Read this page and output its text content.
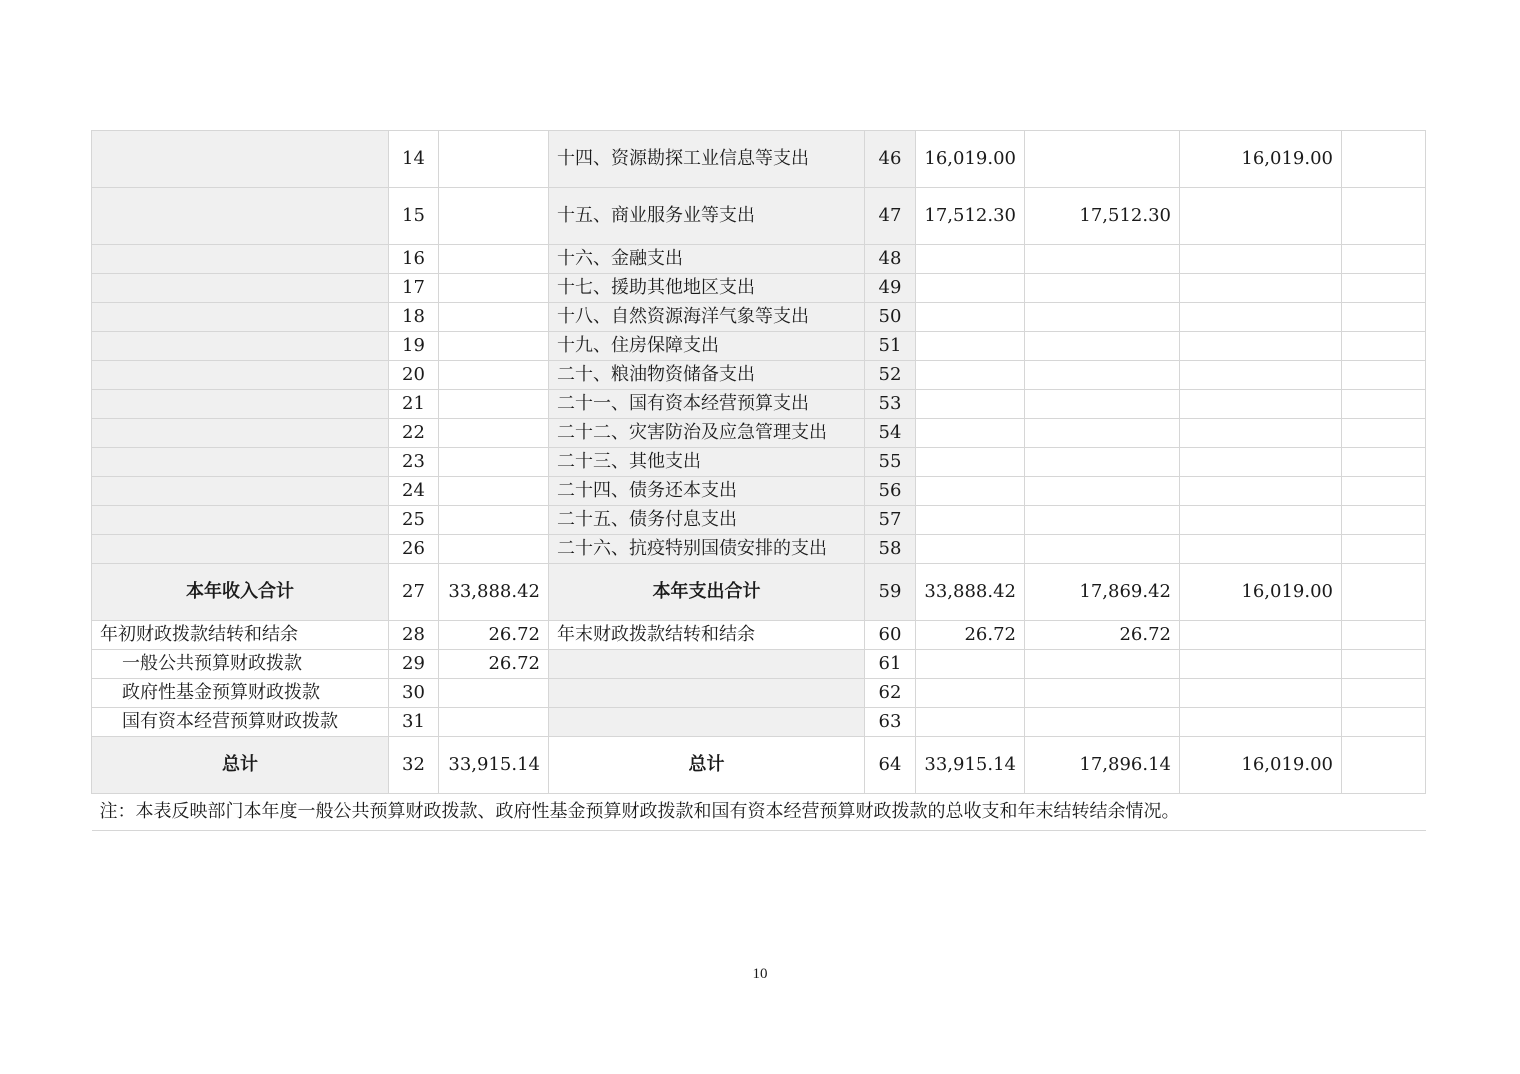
	14		十四、资源勘探工业信息等支出	46	16,019.00		16,019.00	
	15		十五、商业服务业等支出	47	17,512.30	17,512.30		
	16		十六、金融支出	48				
	17		十七、援助其他地区支出	49				
	18		十八、自然资源海洋气象等支出	50				
	19		十九、住房保障支出	51				
	20		二十、粮油物资储备支出	52				
	21		二十一、国有资本经营预算支出	53				
	22		二十二、灾害防治及应急管理支出	54				
	23		二十三、其他支出	55				
	24		二十四、债务还本支出	56				
	25		二十五、债务付息支出	57				
	26		二十六、抗疫特别国债安排的支出	58				
本年收入合计	27	33,888.42	本年支出合计	59	33,888.42	17,869.42	16,019.00	
年初财政拨款结转和结余	28	26.72	年末财政拨款结转和结余	60	26.72	26.72		
一般公共预算财政拨款	29	26.72		61				
政府性基金预算财政拨款	30			62				
国有资本经营预算财政拨款	31			63				
总计	32	33,915.14	总计	64	33,915.14	17,896.14	16,019.00	
注：本表反映部门本年度一般公共预算财政拨款、政府性基金预算财政拨款和国有资本经营预算财政拨款的总收支和年末结转结余情况。								
10
